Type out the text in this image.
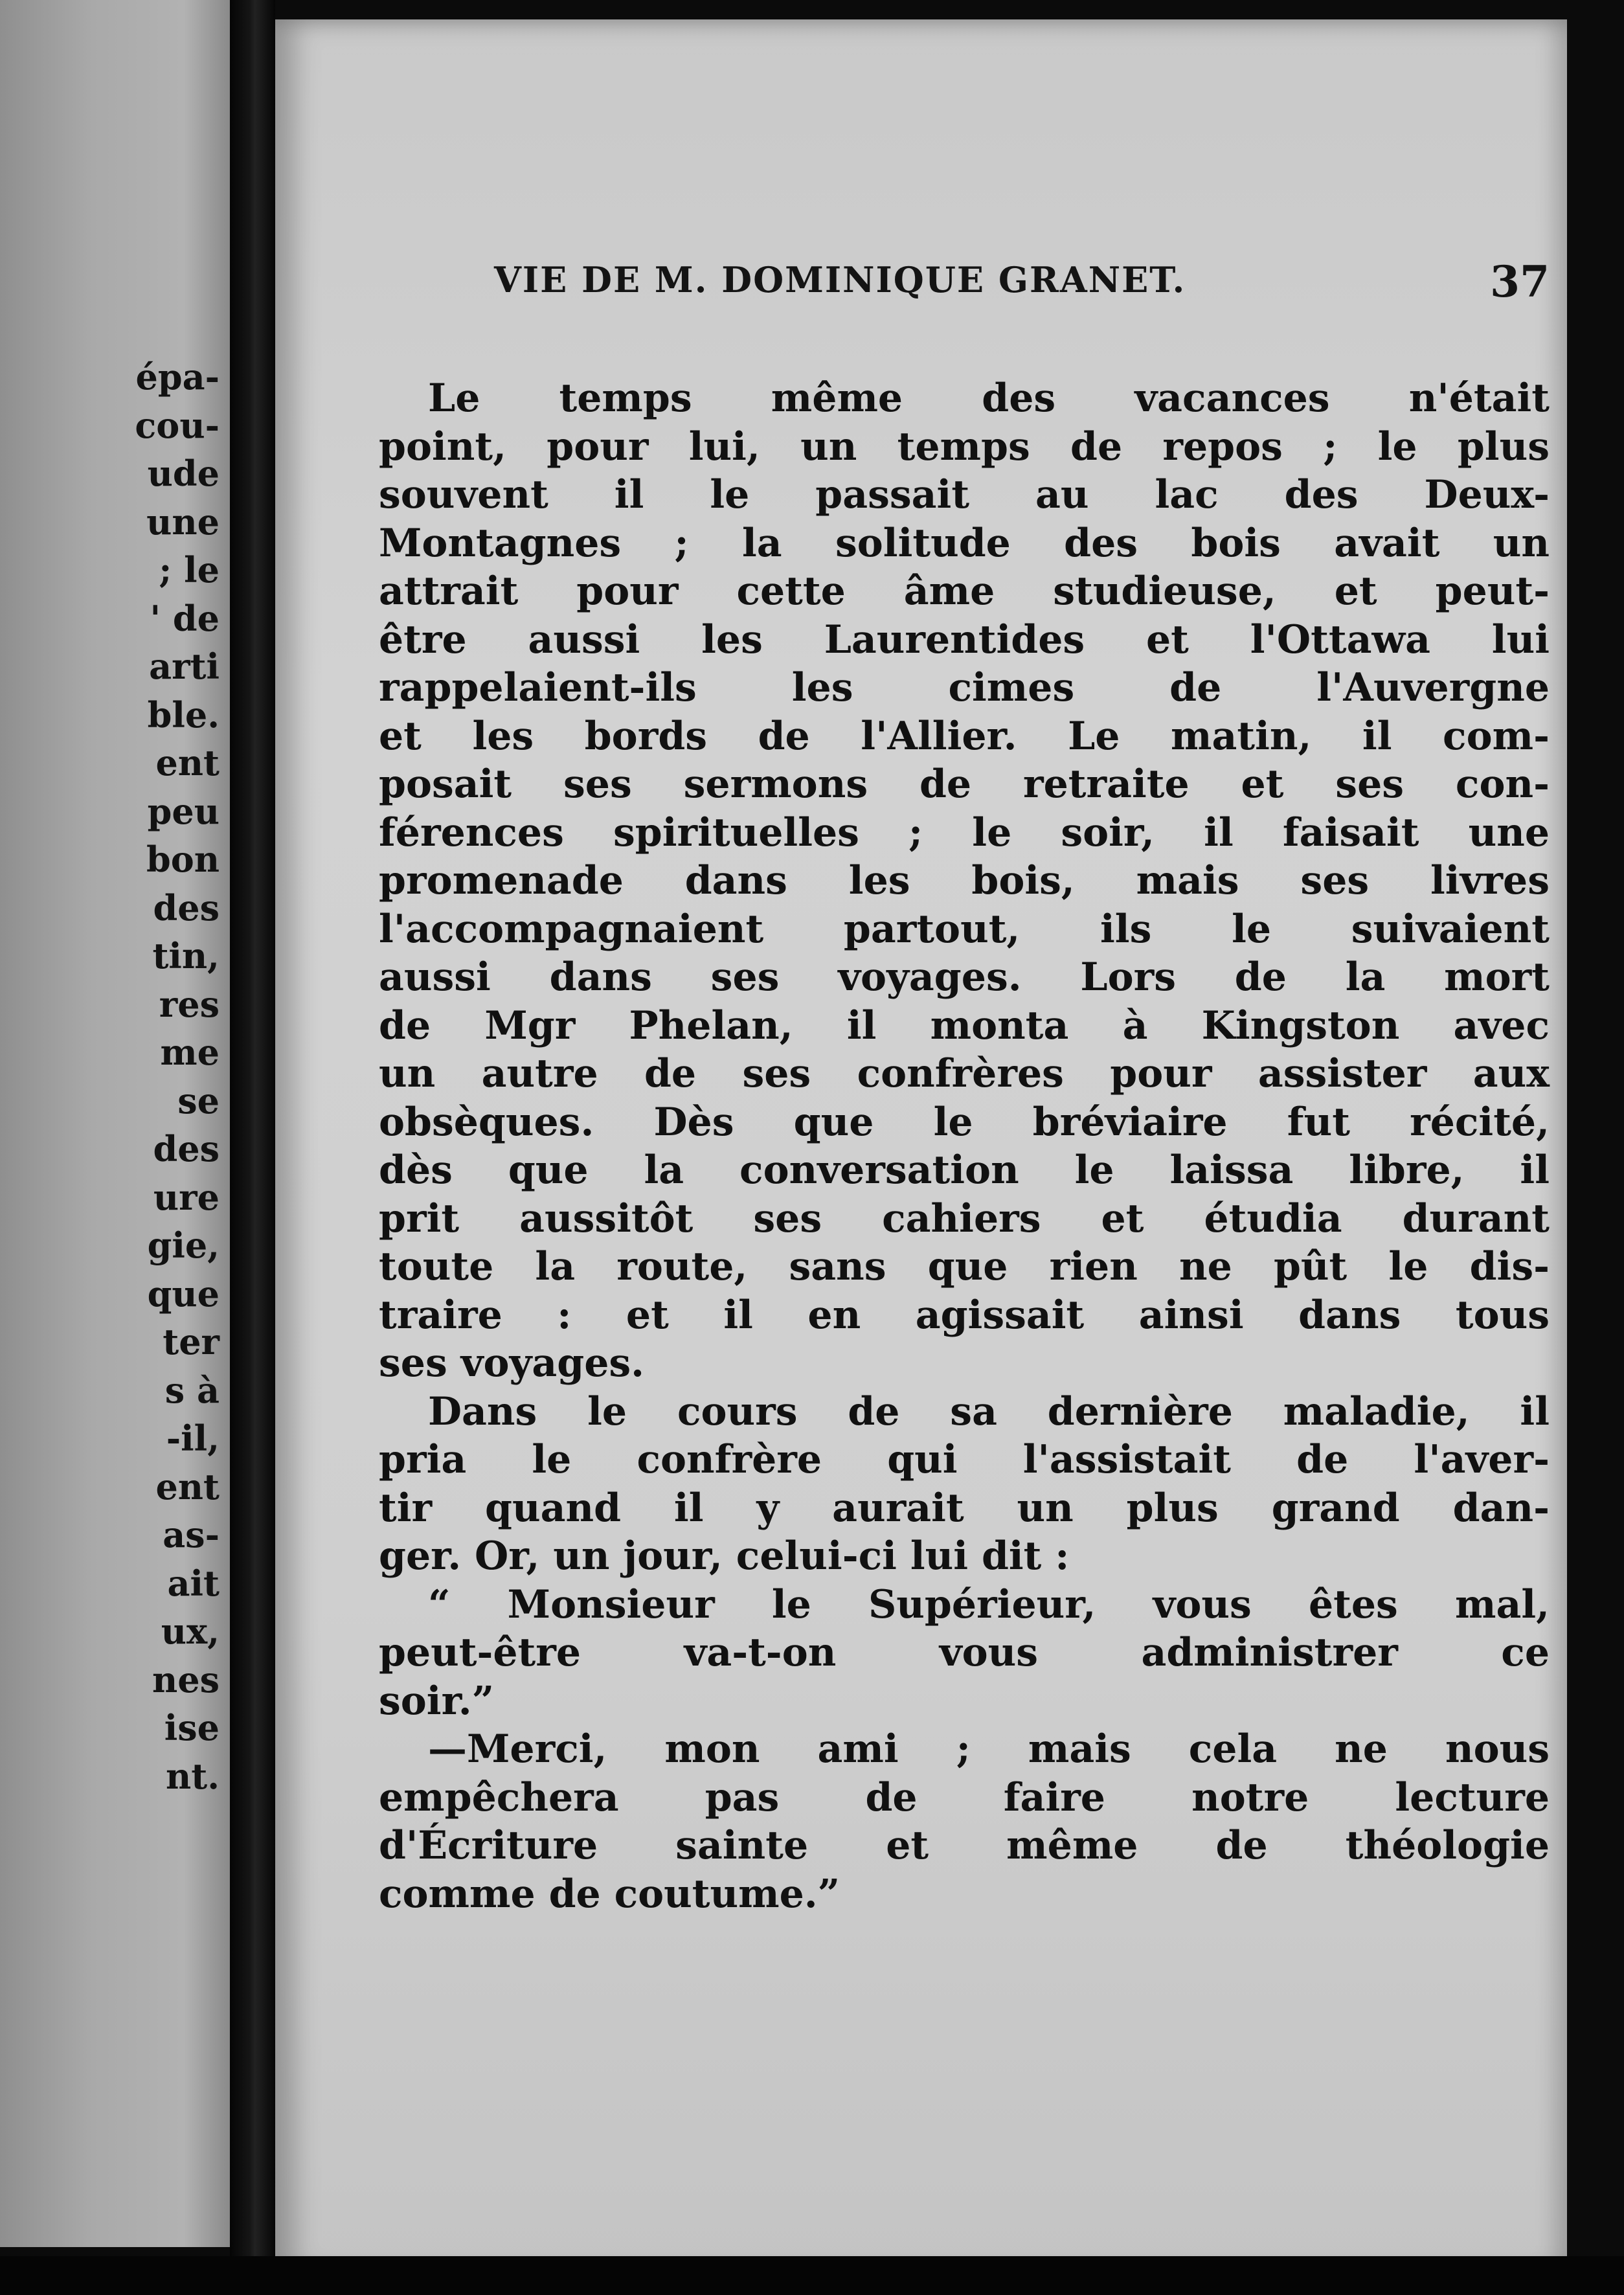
épa-
cou-
ude
une
; le
' de
arti
ble.
ent
peu
bon
des
tin,
res
me
se
des
ure
gie,
que
ter
s à
-il,
ent
as-
ait
ux,
nes
ise
nt.
VIE DE M. DOMINIQUE GRANET.	37
Le temps même des vacances n'était
point, pour lui, un temps de repos ; le plus
souvent il le passait au lac des Deux-
Montagnes ; la solitude des bois avait un
attrait pour cette âme studieuse, et peut-
être aussi les Laurentides et l'Ottawa lui
rappelaient-ils les cimes de l'Auvergne
et les bords de l'Allier. Le matin, il com-
posait ses sermons de retraite et ses con-
férences spirituelles ; le soir, il faisait une
promenade dans les bois, mais ses livres
l'accompagnaient partout, ils le suivaient
aussi dans ses voyages. Lors de la mort
de Mgr Phelan, il monta à Kingston avec
un autre de ses confrères pour assister aux
obsèques. Dès que le bréviaire fut récité,
dès que la conversation le laissa libre, il
prit aussitôt ses cahiers et étudia durant
toute la route, sans que rien ne pût le dis-
traire : et il en agissait ainsi dans tous
ses voyages.
Dans le cours de sa dernière maladie, il
pria le confrère qui l'assistait de l'aver-
tir quand il y aurait un plus grand dan-
ger. Or, un jour, celui-ci lui dit :
“ Monsieur le Supérieur, vous êtes mal,
peut-être va-t-on vous administrer ce
soir.”
—Merci, mon ami ; mais cela ne nous
empêchera pas de faire notre lecture
d'Écriture sainte et même de théologie
comme de coutume.”
